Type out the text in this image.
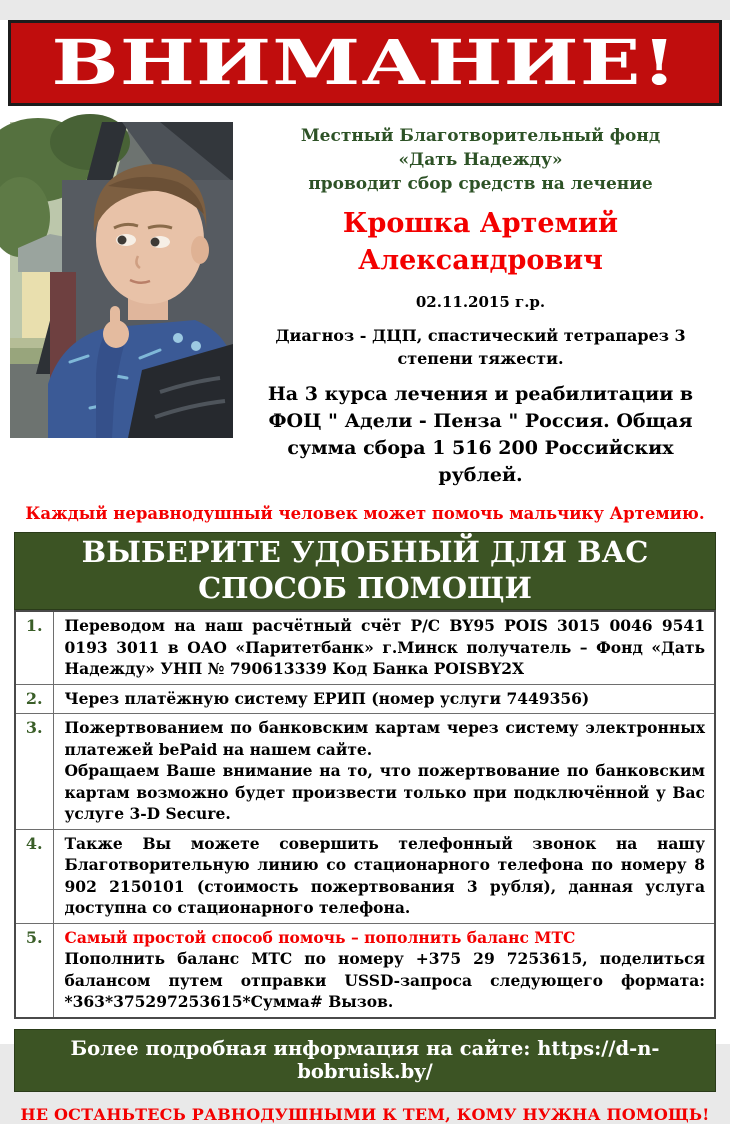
ВНИМАНИЕ!

Местный Благотворительный фонд

«Дать Надежду»

проводит сбор средств на лечение

Крошка Артемий

Александрович

02.11.2015 г.р.

Диагноз - ДЦП, спастический тетрапарез 3 степени тяжести.

На 3 курса лечения и реабилитации в ФОЦ " Адели - Пенза " Россия. Общая сумма сбора 1 516 200 Российских рублей.

Каждый неравнодушный человек может помочь мальчику Артемию.

ВЫБЕРИТЕ УДОБНЫЙ ДЛЯ ВАС СПОСОБ ПОМОЩИ
1.	Переводом на наш расчётный счёт Р/С BY95 POIS 3015 0046 9541 0193 3011 в ОАО «Паритетбанк» г.Минск получатель – Фонд «Дать Надежду» УНП № 790613339 Код Банка POISBY2X
2.	Через платёжную систему ЕРИП (номер услуги 7449356)
3.	Пожертвованием по банковским картам через систему электронных платежей bePaid на нашем сайте.

Обращаем Ваше внимание на то, что пожертвование по банковским картам возможно будет произвести только при подключённой у Вас услуге 3-D Secure.

4.	Также Вы можете совершить телефонный звонок на нашу Благотворительную линию со стационарного телефона по номеру 8 902 2150101 (стоимость пожертвования 3 рубля), данная услуга доступна со стационарного телефона.
5.	Самый простой способ помочь – пополнить баланс МТС

Пополнить баланс МТС по номеру +375 29 7253615, поделиться балансом путем отправки USSD-запроса следующего формата: *363*375297253615*Сумма# Вызов.

Более подробная информация на сайте: https://d-n-bobruisk.by/

НЕ ОСТАНЬТЕСЬ РАВНОДУШНЫМИ К ТЕМ, КОМУ НУЖНА ПОМОЩЬ!
